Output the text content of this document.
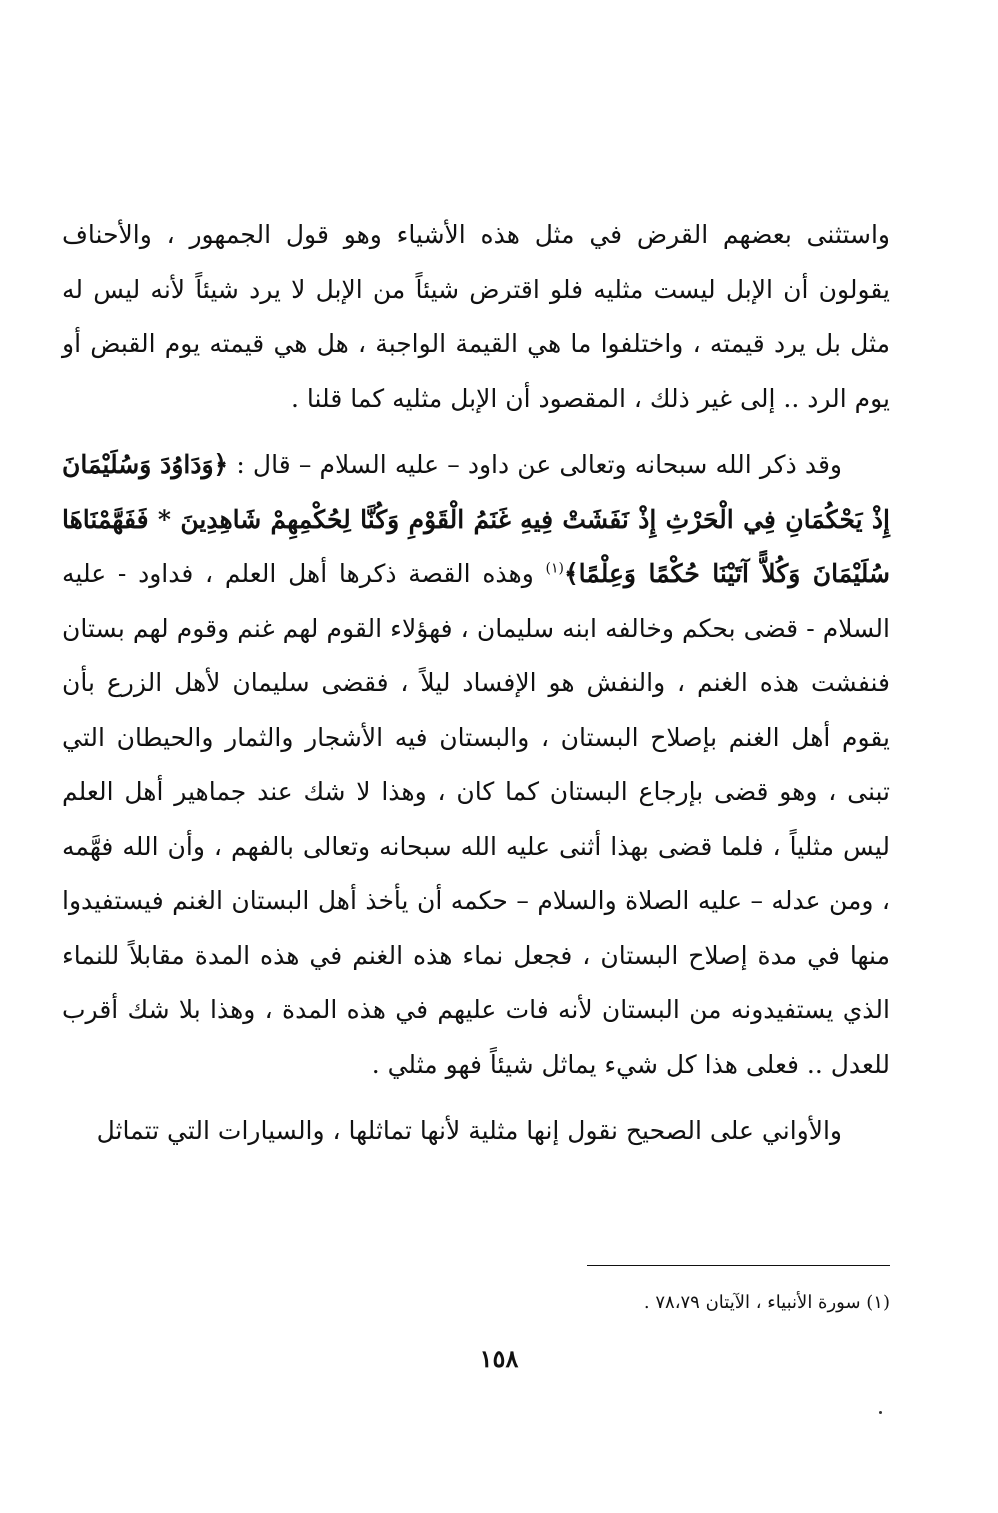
واستثنى بعضهم القرض في مثل هذه الأشياء وهو قول الجمهور ، والأحناف يقولون أن الإبل ليست مثليه فلو اقترض شيئاً من الإبل لا يرد شيئاً لأنه ليس له مثل بل يرد قيمته ، واختلفوا ما هي القيمة الواجبة ، هل هي قيمته يوم القبض أو يوم الرد .. إلى غير ذلك ، المقصود أن الإبل مثليه كما قلنا .

وقد ذكر الله سبحانه وتعالى عن داود – عليه السلام – قال : ﴿وَدَاوُدَ وَسُلَيْمَانَ إِذْ يَحْكُمَانِ فِي الْحَرْثِ إِذْ نَفَشَتْ فِيهِ غَنَمُ الْقَوْمِ وَكُنَّا لِحُكْمِهِمْ شَاهِدِينَ * فَفَهَّمْنَاهَا سُلَيْمَانَ وَكُلاًّ آتَيْنَا حُكْمًا وَعِلْمًا﴾$^{(١)}$ وهذه القصة ذكرها أهل العلم ، فداود - عليه السلام - قضى بحكم وخالفه ابنه سليمان ، فهؤلاء القوم لهم غنم وقوم لهم بستان فنفشت هذه الغنم ، والنفش هو الإفساد ليلاً ، فقضى سليمان لأهل الزرع بأن يقوم أهل الغنم بإصلاح البستان ، والبستان فيه الأشجار والثمار والحيطان التي تبنى ، وهو قضى بإرجاع البستان كما كان ، وهذا لا شك عند جماهير أهل العلم ليس مثلياً ، فلما قضى بهذا أثنى عليه الله سبحانه وتعالى بالفهم ، وأن الله فهَّمه ، ومن عدله – عليه الصلاة والسلام – حكمه أن يأخذ أهل البستان الغنم فيستفيدوا منها في مدة إصلاح البستان ، فجعل نماء هذه الغنم في هذه المدة مقابلاً للنماء الذي يستفيدونه من البستان لأنه فات عليهم في هذه المدة ، وهذا بلا شك أقرب للعدل .. فعلى هذا كل شيء يماثل شيئاً فهو مثلي .

والأواني على الصحيح نقول إنها مثلية لأنها تماثلها ، والسيارات التي تتماثل

(١) سورة الأنبياء ، الآيتان ٧٨،٧٩ .
١٥٨
